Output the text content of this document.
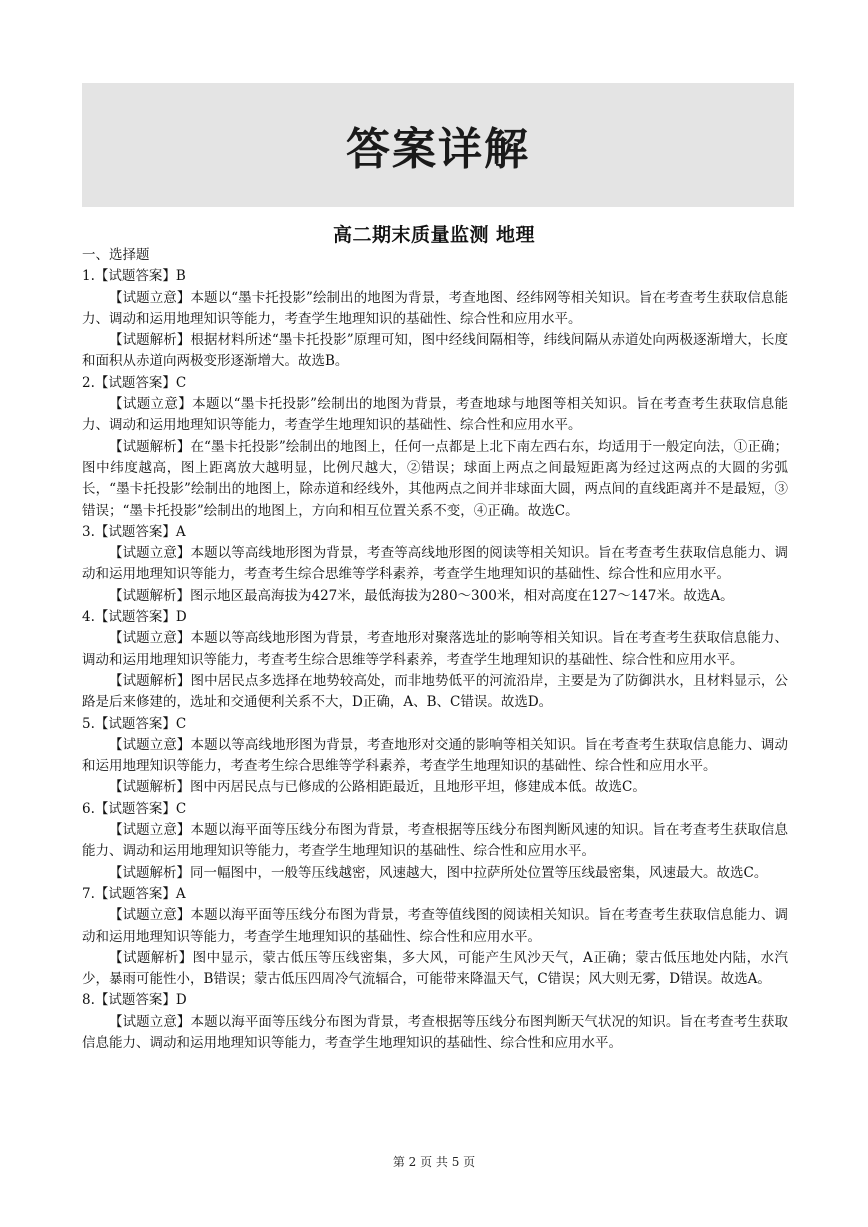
答案详解
高二期末质量监测 地理
一、选择题
1.【试题答案】B
【试题立意】本题以“墨卡托投影”绘制出的地图为背景，考查地图、经纬网等相关知识。旨在考查考生获取信息能力、调动和运用地理知识等能力，考查学生地理知识的基础性、综合性和应用水平。
【试题解析】根据材料所述“墨卡托投影”原理可知，图中经线间隔相等，纬线间隔从赤道处向两极逐渐增大，长度和面积从赤道向两极变形逐渐增大。故选B。
2.【试题答案】C
【试题立意】本题以“墨卡托投影”绘制出的地图为背景，考查地球与地图等相关知识。旨在考查考生获取信息能力、调动和运用地理知识等能力，考查学生地理知识的基础性、综合性和应用水平。
【试题解析】在“墨卡托投影”绘制出的地图上，任何一点都是上北下南左西右东，均适用于一般定向法，①正确；图中纬度越高，图上距离放大越明显，比例尺越大，②错误；球面上两点之间最短距离为经过这两点的大圆的劣弧长，“墨卡托投影”绘制出的地图上，除赤道和经线外，其他两点之间并非球面大圆，两点间的直线距离并不是最短，③错误；“墨卡托投影”绘制出的地图上，方向和相互位置关系不变，④正确。故选C。
3.【试题答案】A
【试题立意】本题以等高线地形图为背景，考查等高线地形图的阅读等相关知识。旨在考查考生获取信息能力、调动和运用地理知识等能力，考查考生综合思维等学科素养，考查学生地理知识的基础性、综合性和应用水平。
【试题解析】图示地区最高海拔为427米，最低海拔为280～300米，相对高度在127～147米。故选A。
4.【试题答案】D
【试题立意】本题以等高线地形图为背景，考查地形对聚落选址的影响等相关知识。旨在考查考生获取信息能力、调动和运用地理知识等能力，考查考生综合思维等学科素养，考查学生地理知识的基础性、综合性和应用水平。
【试题解析】图中居民点多选择在地势较高处，而非地势低平的河流沿岸，主要是为了防御洪水，且材料显示，公路是后来修建的，选址和交通便利关系不大，D正确，A、B、C错误。故选D。
5.【试题答案】C
【试题立意】本题以等高线地形图为背景，考查地形对交通的影响等相关知识。旨在考查考生获取信息能力、调动和运用地理知识等能力，考查考生综合思维等学科素养，考查学生地理知识的基础性、综合性和应用水平。
【试题解析】图中丙居民点与已修成的公路相距最近，且地形平坦，修建成本低。故选C。
6.【试题答案】C
【试题立意】本题以海平面等压线分布图为背景，考查根据等压线分布图判断风速的知识。旨在考查考生获取信息能力、调动和运用地理知识等能力，考查学生地理知识的基础性、综合性和应用水平。
【试题解析】同一幅图中，一般等压线越密，风速越大，图中拉萨所处位置等压线最密集，风速最大。故选C。
7.【试题答案】A
【试题立意】本题以海平面等压线分布图为背景，考查等值线图的阅读相关知识。旨在考查考生获取信息能力、调动和运用地理知识等能力，考查学生地理知识的基础性、综合性和应用水平。
【试题解析】图中显示，蒙古低压等压线密集，多大风，可能产生风沙天气，A正确；蒙古低压地处内陆，水汽少，暴雨可能性小，B错误；蒙古低压四周冷气流辐合，可能带来降温天气，C错误；风大则无雾，D错误。故选A。
8.【试题答案】D
【试题立意】本题以海平面等压线分布图为背景，考查根据等压线分布图判断天气状况的知识。旨在考查考生获取信息能力、调动和运用地理知识等能力，考查学生地理知识的基础性、综合性和应用水平。
第 2 页 共 5 页
